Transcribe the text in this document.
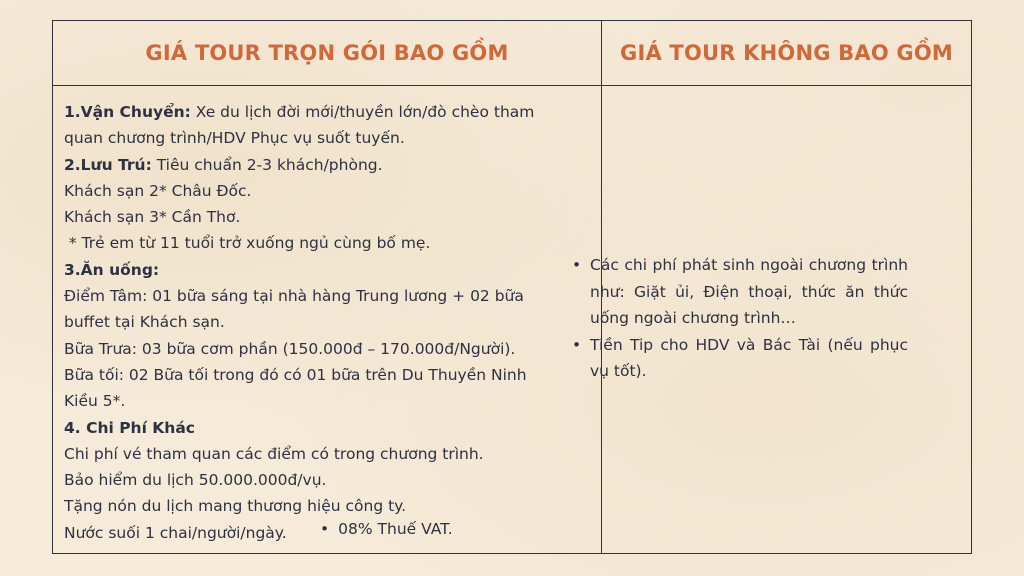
GIÁ TOUR TRỌN GÓI BAO GỒM	GIÁ TOUR KHÔNG BAO GỒM
1.Vận Chuyển: Xe du lịch đời mới/thuyền lớn/đò chèo tham
quan chương trình/HDV Phục vụ suốt tuyến.
2.Lưu Trú: Tiêu chuẩn 2-3 khách/phòng.
Khách sạn 2* Châu Đốc.
Khách sạn 3* Cần Thơ.
* Trẻ em từ 11 tuổi trở xuống ngủ cùng bố mẹ.
3.Ăn uống:
Điểm Tâm: 01 bữa sáng tại nhà hàng Trung lương + 02 bữa
buffet tại Khách sạn.
Bữa Trưa: 03 bữa cơm phần (150.000đ – 170.000đ/Người).
Bữa tối: 02 Bữa tối trong đó có 01 bữa trên Du Thuyền Ninh
Kiều 5*.
4. Chi Phí Khác
Chi phí vé tham quan các điểm có trong chương trình.
Bảo hiểm du lịch 50.000.000đ/vụ.
Tặng nón du lịch mang thương hiệu công ty.
Nước suối 1 chai/người/ngày.	• 08% Thuế VAT.
• Các chi phí phát sinh ngoài chương trình như: Giặt ủi, Điện thoại, thức ăn thức uống ngoài chương trình…
• Tiền Tip cho HDV và Bác Tài (nếu phục vụ tốt).
